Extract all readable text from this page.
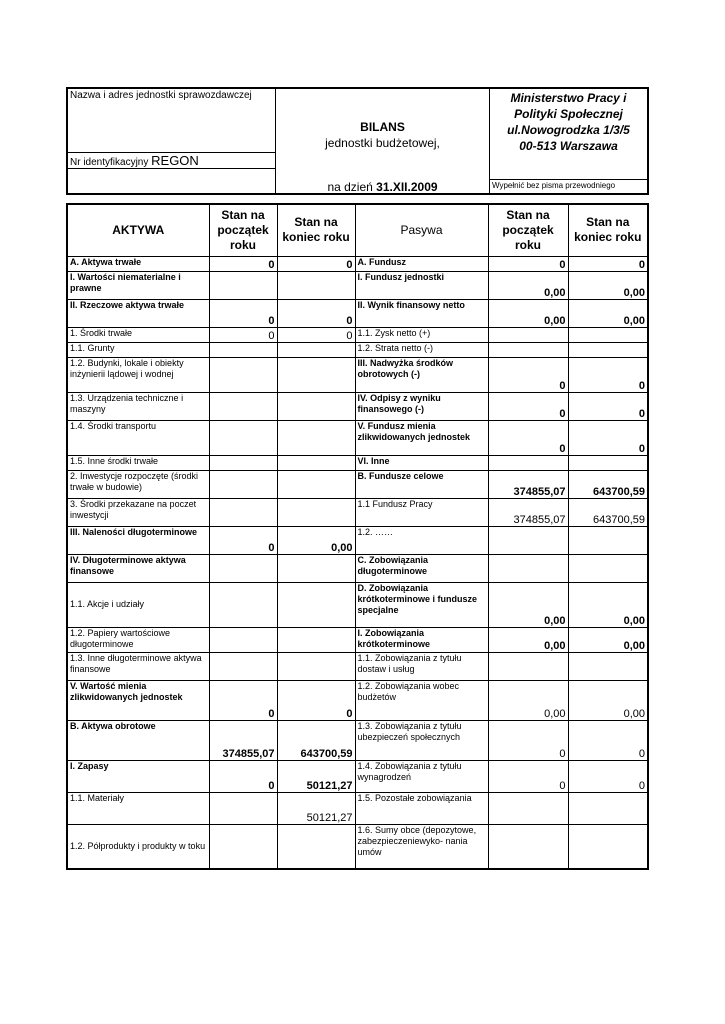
Nazwa i adres jednostki sprawozdawczej
Nr identyfikacyjny REGON
BILANS
jednostki budżetowej,
na dzień 31.XII.2009
Ministerstwo Pracy i
Polityki Społecznej
ul.Nowogrodzka 1/3/5
00-513 Warszawa
Wypełnić bez pisma przewodniego
AKTYWA	Stan na początek roku	Stan na koniec roku	Pasywa	Stan na początek roku	Stan na koniec roku
A. Aktywa trwałe	0	0	A. Fundusz	0	0
I. Wartości niematerialne i prawne			I. Fundusz jednostki	0,00	0,00
II. Rzeczowe aktywa trwałe	0	0	II. Wynik finansowy netto	0,00	0,00
1. Środki trwałe	0	0	1.1. Zysk netto (+)		
1.1. Grunty			1.2. Strata netto (-)		
1.2. Budynki, lokale i obiekty inżynierii lądowej i wodnej			III. Nadwyżka środków obrotowych (-)	0	0
1.3. Urządzenia techniczne i maszyny			IV. Odpisy z wyniku finansowego (-)	0	0
1.4. Środki transportu			V. Fundusz mienia zlikwidowanych jednostek	0	0
1.5. Inne środki trwałe			VI. Inne		
2. Inwestycje rozpoczęte (środki trwałe w budowie)			B. Fundusze celowe	374855,07	643700,59
3. Środki przekazane na poczet inwestycji			1.1 Fundusz Pracy	374855,07	643700,59
III. Naleności długoterminowe	0	0,00	1.2. ……		
IV. Długoterminowe aktywa finansowe			C. Zobowiązania długoterminowe		
1.1. Akcje i udziały			D. Zobowiązania krótkoterminowe i fundusze specjalne	0,00	0,00
1.2. Papiery wartościowe długoterminowe			I. Zobowiązania krótkoterminowe	0,00	0,00
1.3. Inne długoterminowe aktywa finansowe			1.1. Zobowiązania z tytułu dostaw i usług		
V. Wartość mienia zlikwidowanych jednostek	0	0	1.2. Zobowiązania wobec budżetów	0,00	0,00
B. Aktywa obrotowe	374855,07	643700,59	1.3. Zobowiązania z tytułu ubezpieczeń społecznych	0	0
I. Zapasy	0	50121,27	1.4. Zobowiązania z tytułu wynagrodzeń	0	0
1.1. Materiały		50121,27	1.5. Pozostałe zobowiązania		
1.2. Półprodukty i produkty w toku			1.6. Sumy obce (depozytowe, zabezpieczeniewyko- nania umów		
